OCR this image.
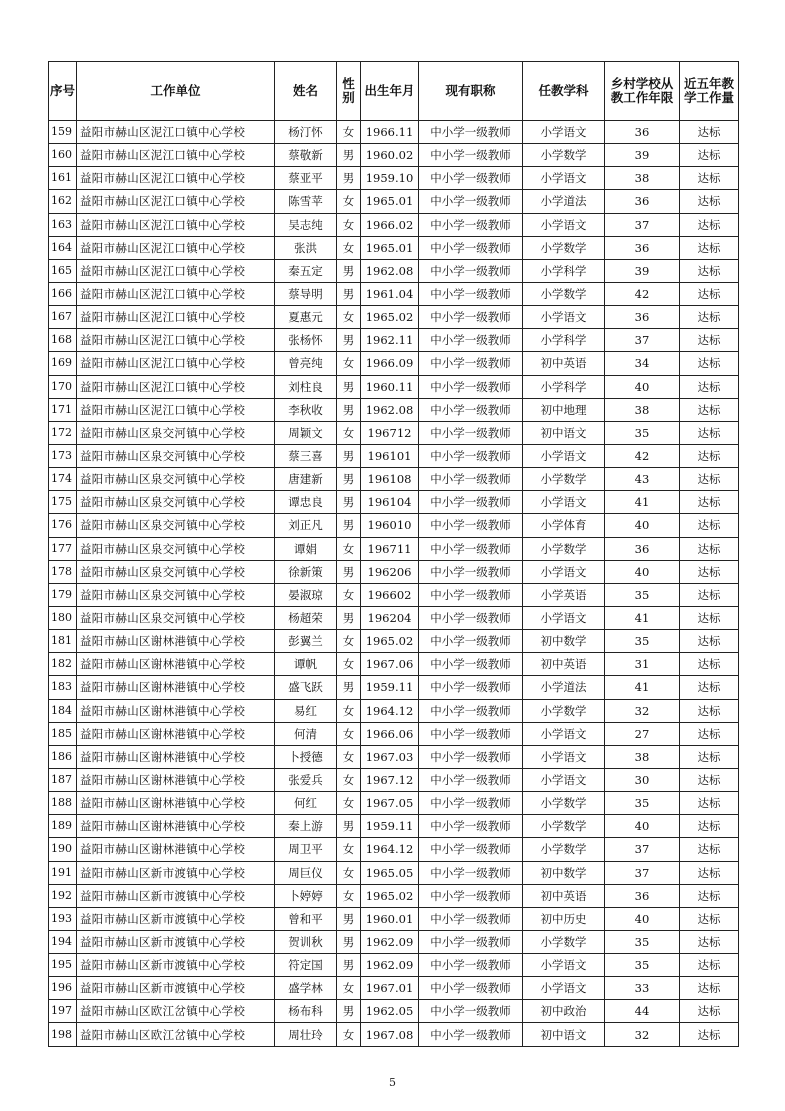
序号	工作单位	姓名	性别	出生年月	现有职称	任教学科	乡村学校从教工作年限	近五年教学工作量
159	益阳市赫山区泥江口镇中心学校	杨汀怀	女	1966.11	中小学一级教师	小学语文	36	达标
160	益阳市赫山区泥江口镇中心学校	蔡敬新	男	1960.02	中小学一级教师	小学数学	39	达标
161	益阳市赫山区泥江口镇中心学校	蔡亚平	男	1959.10	中小学一级教师	小学语文	38	达标
162	益阳市赫山区泥江口镇中心学校	陈雪苹	女	1965.01	中小学一级教师	小学道法	36	达标
163	益阳市赫山区泥江口镇中心学校	吴志纯	女	1966.02	中小学一级教师	小学语文	37	达标
164	益阳市赫山区泥江口镇中心学校	张洪	女	1965.01	中小学一级教师	小学数学	36	达标
165	益阳市赫山区泥江口镇中心学校	秦五定	男	1962.08	中小学一级教师	小学科学	39	达标
166	益阳市赫山区泥江口镇中心学校	蔡导明	男	1961.04	中小学一级教师	小学数学	42	达标
167	益阳市赫山区泥江口镇中心学校	夏惠元	女	1965.02	中小学一级教师	小学语文	36	达标
168	益阳市赫山区泥江口镇中心学校	张杨怀	男	1962.11	中小学一级教师	小学科学	37	达标
169	益阳市赫山区泥江口镇中心学校	曾亮纯	女	1966.09	中小学一级教师	初中英语	34	达标
170	益阳市赫山区泥江口镇中心学校	刘柱良	男	1960.11	中小学一级教师	小学科学	40	达标
171	益阳市赫山区泥江口镇中心学校	李秋收	男	1962.08	中小学一级教师	初中地理	38	达标
172	益阳市赫山区泉交河镇中心学校	周颖文	女	196712	中小学一级教师	初中语文	35	达标
173	益阳市赫山区泉交河镇中心学校	蔡三喜	男	196101	中小学一级教师	小学语文	42	达标
174	益阳市赫山区泉交河镇中心学校	唐建新	男	196108	中小学一级教师	小学数学	43	达标
175	益阳市赫山区泉交河镇中心学校	谭忠良	男	196104	中小学一级教师	小学语文	41	达标
176	益阳市赫山区泉交河镇中心学校	刘正凡	男	196010	中小学一级教师	小学体育	40	达标
177	益阳市赫山区泉交河镇中心学校	谭娟	女	196711	中小学一级教师	小学数学	36	达标
178	益阳市赫山区泉交河镇中心学校	徐新策	男	196206	中小学一级教师	小学语文	40	达标
179	益阳市赫山区泉交河镇中心学校	晏淑琼	女	196602	中小学一级教师	小学英语	35	达标
180	益阳市赫山区泉交河镇中心学校	杨超荣	男	196204	中小学一级教师	小学语文	41	达标
181	益阳市赫山区谢林港镇中心学校	彭翼兰	女	1965.02	中小学一级教师	初中数学	35	达标
182	益阳市赫山区谢林港镇中心学校	谭帆	女	1967.06	中小学一级教师	初中英语	31	达标
183	益阳市赫山区谢林港镇中心学校	盛飞跃	男	1959.11	中小学一级教师	小学道法	41	达标
184	益阳市赫山区谢林港镇中心学校	易红	女	1964.12	中小学一级教师	小学数学	32	达标
185	益阳市赫山区谢林港镇中心学校	何清	女	1966.06	中小学一级教师	小学语文	27	达标
186	益阳市赫山区谢林港镇中心学校	卜授德	女	1967.03	中小学一级教师	小学语文	38	达标
187	益阳市赫山区谢林港镇中心学校	张爱兵	女	1967.12	中小学一级教师	小学语文	30	达标
188	益阳市赫山区谢林港镇中心学校	何红	女	1967.05	中小学一级教师	小学数学	35	达标
189	益阳市赫山区谢林港镇中心学校	秦上游	男	1959.11	中小学一级教师	小学数学	40	达标
190	益阳市赫山区谢林港镇中心学校	周卫平	女	1964.12	中小学一级教师	小学数学	37	达标
191	益阳市赫山区新市渡镇中心学校	周巨仪	女	1965.05	中小学一级教师	初中数学	37	达标
192	益阳市赫山区新市渡镇中心学校	卜婷婷	女	1965.02	中小学一级教师	初中英语	36	达标
193	益阳市赫山区新市渡镇中心学校	曾和平	男	1960.01	中小学一级教师	初中历史	40	达标
194	益阳市赫山区新市渡镇中心学校	贺训秋	男	1962.09	中小学一级教师	小学数学	35	达标
195	益阳市赫山区新市渡镇中心学校	符定国	男	1962.09	中小学一级教师	小学语文	35	达标
196	益阳市赫山区新市渡镇中心学校	盛学林	女	1967.01	中小学一级教师	小学语文	33	达标
197	益阳市赫山区欧江岔镇中心学校	杨布科	男	1962.05	中小学一级教师	初中政治	44	达标
198	益阳市赫山区欧江岔镇中心学校	周壮玲	女	1967.08	中小学一级教师	初中语文	32	达标
5
